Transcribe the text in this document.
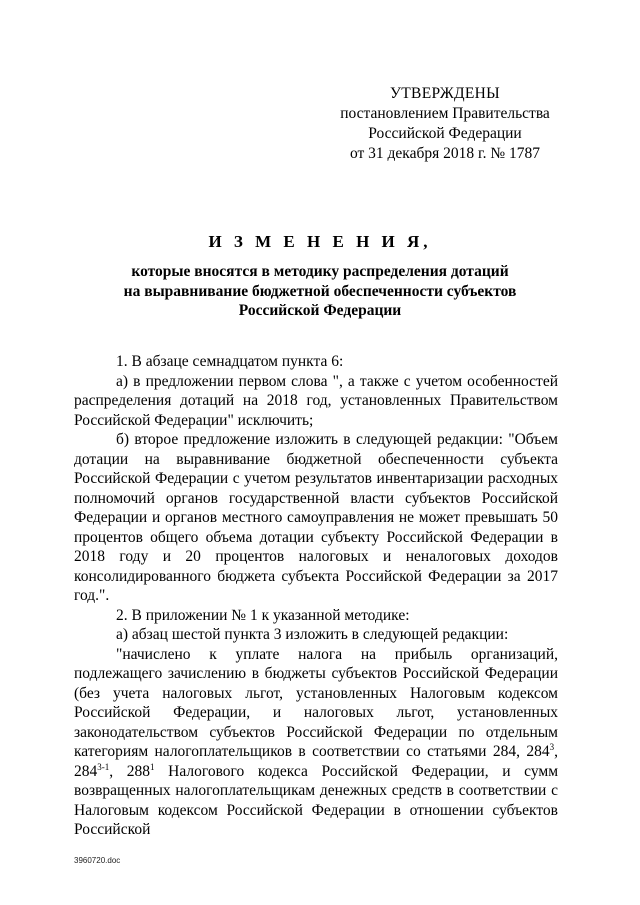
УТВЕРЖДЕНЫ
постановлением Правительства
Российской Федерации
от 31 декабря 2018 г. № 1787
И З М Е Н Е Н И Я,
которые вносятся в методику распределения дотаций
на выравнивание бюджетной обеспеченности субъектов
Российской Федерации

1. В абзаце семнадцатом пункта 6:

а) в предложении первом слова ", а также с учетом особенностей распределения дотаций на 2018 год, установленных Правительством Российской Федерации" исключить;

б) второе предложение изложить в следующей редакции: "Объем дотации на выравнивание бюджетной обеспеченности субъекта Российской Федерации с учетом результатов инвентаризации расходных полномочий органов государственной власти субъектов Российской Федерации и органов местного самоуправления не может превышать 50 процентов общего объема дотации субъекту Российской Федерации в 2018 году и 20 процентов налоговых и неналоговых доходов консолидированного бюджета субъекта Российской Федерации за 2017 год.".

2. В приложении № 1 к указанной методике:

а) абзац шестой пункта 3 изложить в следующей редакции:

"начислено к уплате налога на прибыль организаций, подлежащего зачислению в бюджеты субъектов Российской Федерации (без учета налоговых льгот, установленных Налоговым кодексом Российской Федерации, и налоговых льгот, установленных законодательством субъектов Российской Федерации по отдельным категориям налогоплательщиков в соответствии со статьями 284, $284^3$, 284$^{3-1}$, $288^1$ Налогового кодекса Российской Федерации, и сумм возвращенных налогоплательщикам денежных средств в соответствии с Налоговым кодексом Российской Федерации в отношении субъектов Российской

3960720.doc
